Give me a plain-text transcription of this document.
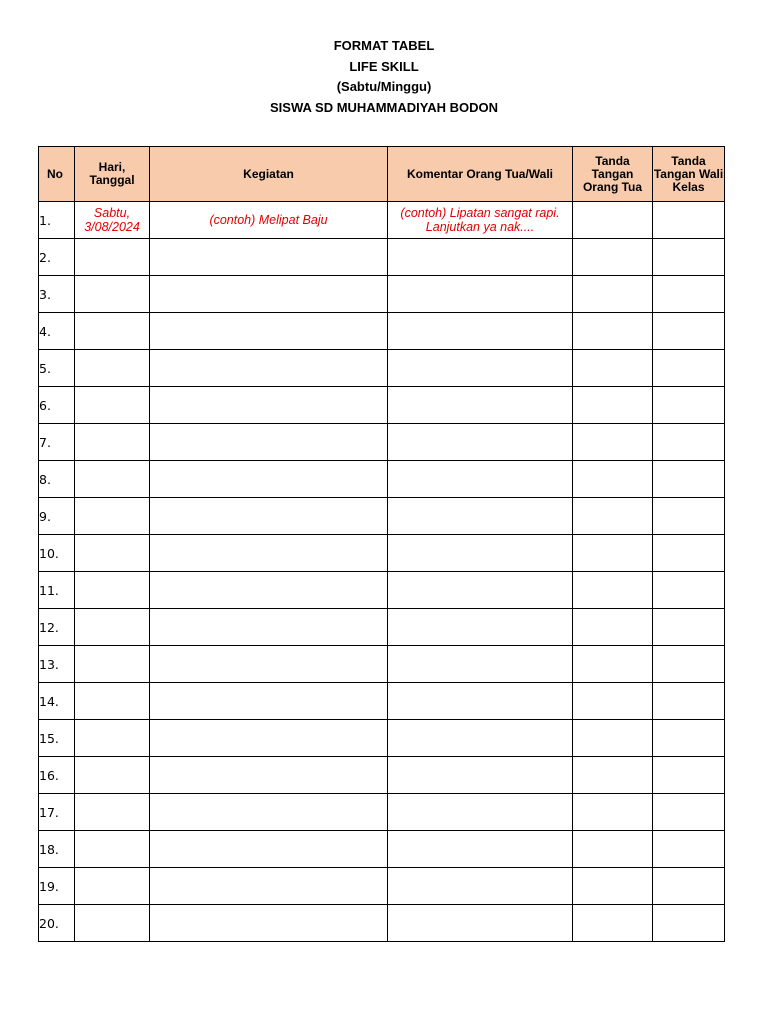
FORMAT TABEL
LIFE SKILL
(Sabtu/Minggu)
SISWA SD MUHAMMADIYAH BODON
No	Hari, Tanggal	Kegiatan	Komentar Orang Tua/Wali	Tanda Tangan Orang Tua	Tanda Tangan Wali Kelas
1.	Sabtu, 3/08/2024	(contoh) Melipat Baju	(contoh) Lipatan sangat rapi. Lanjutkan ya nak....		
2.					
3.					
4.					
5.					
6.					
7.					
8.					
9.					
10.					
11.					
12.					
13.					
14.					
15.					
16.					
17.					
18.					
19.					
20.					
